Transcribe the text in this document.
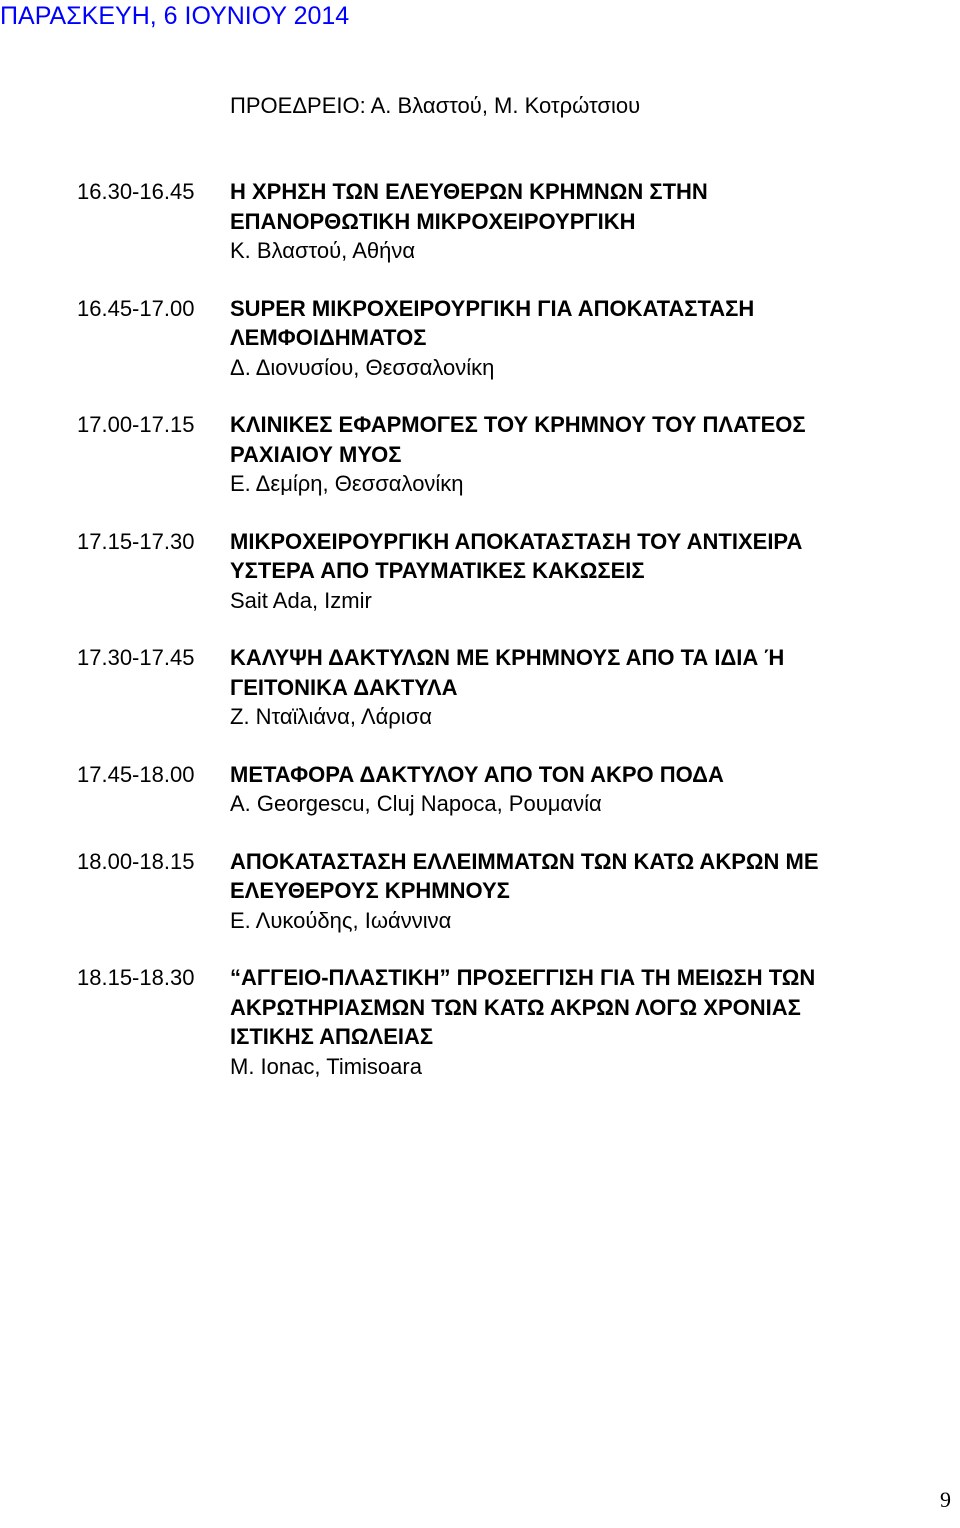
ΠΑΡΑΣΚΕΥΗ, 6 ΙΟΥΝΙΟΥ 2014
ΠΡΟΕΔΡΕΙΟ: Α. Βλαστού, Μ. Κοτρώτσιου
16.30-16.45	Η ΧΡΗΣΗ ΤΩΝ ΕΛΕΥΘΕΡΩΝ ΚΡΗΜΝΩΝ ΣΤΗΝ
ΕΠΑΝΟΡΘΩΤΙΚΗ ΜΙΚΡΟΧΕΙΡΟΥΡΓΙΚΗ
Κ. Βλαστού, Αθήνα
16.45-17.00	SUPER ΜΙΚΡΟΧΕΙΡΟΥΡΓΙΚΗ ΓΙΑ ΑΠΟΚΑΤΑΣΤΑΣΗ
ΛΕΜΦΟΙΔΗΜΑΤΟΣ
Δ. Διονυσίου, Θεσσαλονίκη
17.00-17.15	ΚΛΙΝΙΚΕΣ ΕΦΑΡΜΟΓΕΣ ΤΟΥ ΚΡΗΜΝΟΥ ΤΟΥ ΠΛΑΤΕΟΣ
ΡΑΧΙΑΙΟΥ ΜΥΟΣ
Ε. Δεμίρη, Θεσσαλονίκη
17.15-17.30	ΜΙΚΡΟΧΕΙΡΟΥΡΓΙΚΗ ΑΠΟΚΑΤΑΣΤΑΣΗ ΤΟΥ ΑΝΤΙΧΕΙΡΑ
ΥΣΤΕΡΑ ΑΠΟ ΤΡΑΥΜΑΤΙΚΕΣ ΚΑΚΩΣΕΙΣ
Sait Ada, Izmir
17.30-17.45	ΚΑΛΥΨΗ ΔΑΚΤΥΛΩΝ ΜΕ ΚΡΗΜΝΟΥΣ ΑΠΟ ΤΑ ΙΔΙΑ Ή
ΓΕΙΤΟΝΙΚΑ ΔΑΚΤΥΛΑ
Ζ. Νταϊλιάνα, Λάρισα
17.45-18.00	ΜΕΤΑΦΟΡΑ ΔΑΚΤΥΛΟΥ ΑΠΟ ΤΟΝ ΑΚΡΟ ΠΟΔΑ
A. Georgescu, Cluj Napoca, Ρουμανία
18.00-18.15	ΑΠΟΚΑΤΑΣΤΑΣΗ ΕΛΛΕΙΜΜΑΤΩΝ ΤΩΝ ΚΑΤΩ ΑΚΡΩΝ ΜΕ
ΕΛΕΥΘΕΡΟΥΣ ΚΡΗΜΝΟΥΣ
Ε. Λυκούδης, Ιωάννινα
18.15-18.30	“ΑΓΓΕΙΟ-ΠΛΑΣΤΙΚΗ” ΠΡΟΣΕΓΓΙΣΗ ΓΙΑ ΤΗ ΜΕΙΩΣΗ ΤΩΝ
ΑΚΡΩΤΗΡΙΑΣΜΩΝ ΤΩΝ ΚΑΤΩ ΑΚΡΩΝ ΛΟΓΩ ΧΡΟΝΙΑΣ
ΙΣΤΙΚΗΣ ΑΠΩΛΕΙΑΣ
M. Ionac, Timisoara
9
